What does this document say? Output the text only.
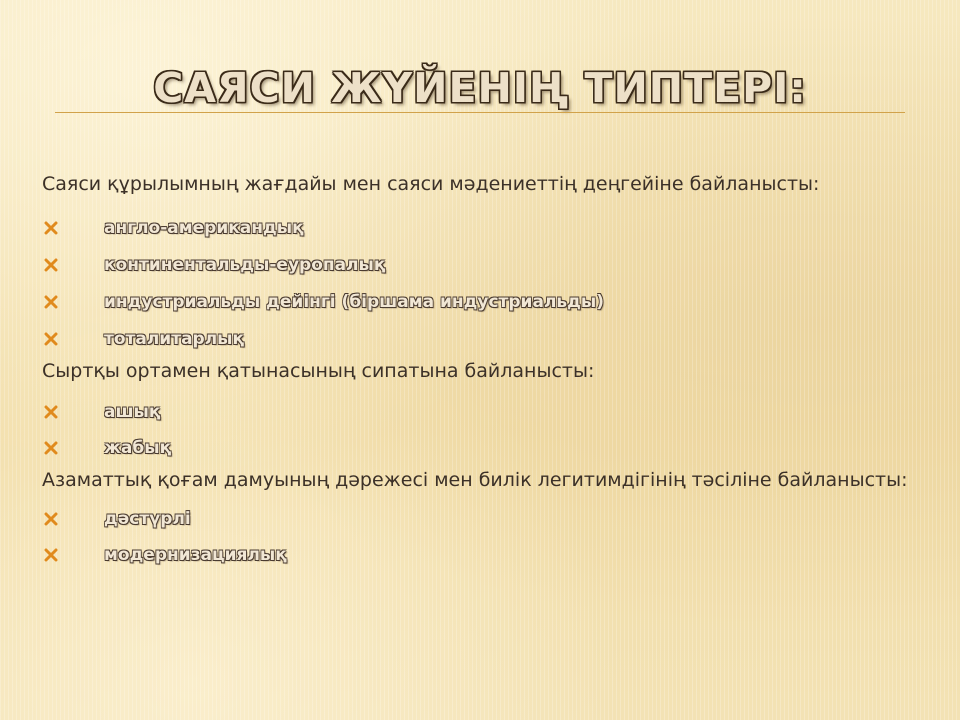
САЯСИ ЖҮЙЕНІҢ ТИПТЕРІ:

Саяси құрылымның жағдайы мен саяси мәдениеттің деңгейіне байланысты:

англо-американдық
континентальды-еуропалық
индустриальды дейінгі (біршама индустриальды)
тоталитарлық

Сыртқы ортамен қатынасының сипатына байланысты:

ашық
жабық

Азаматтық қоғам дамуының дәрежесі мен билік легитимдігінің тәсіліне байланысты:

дәстүрлі
модернизациялық
